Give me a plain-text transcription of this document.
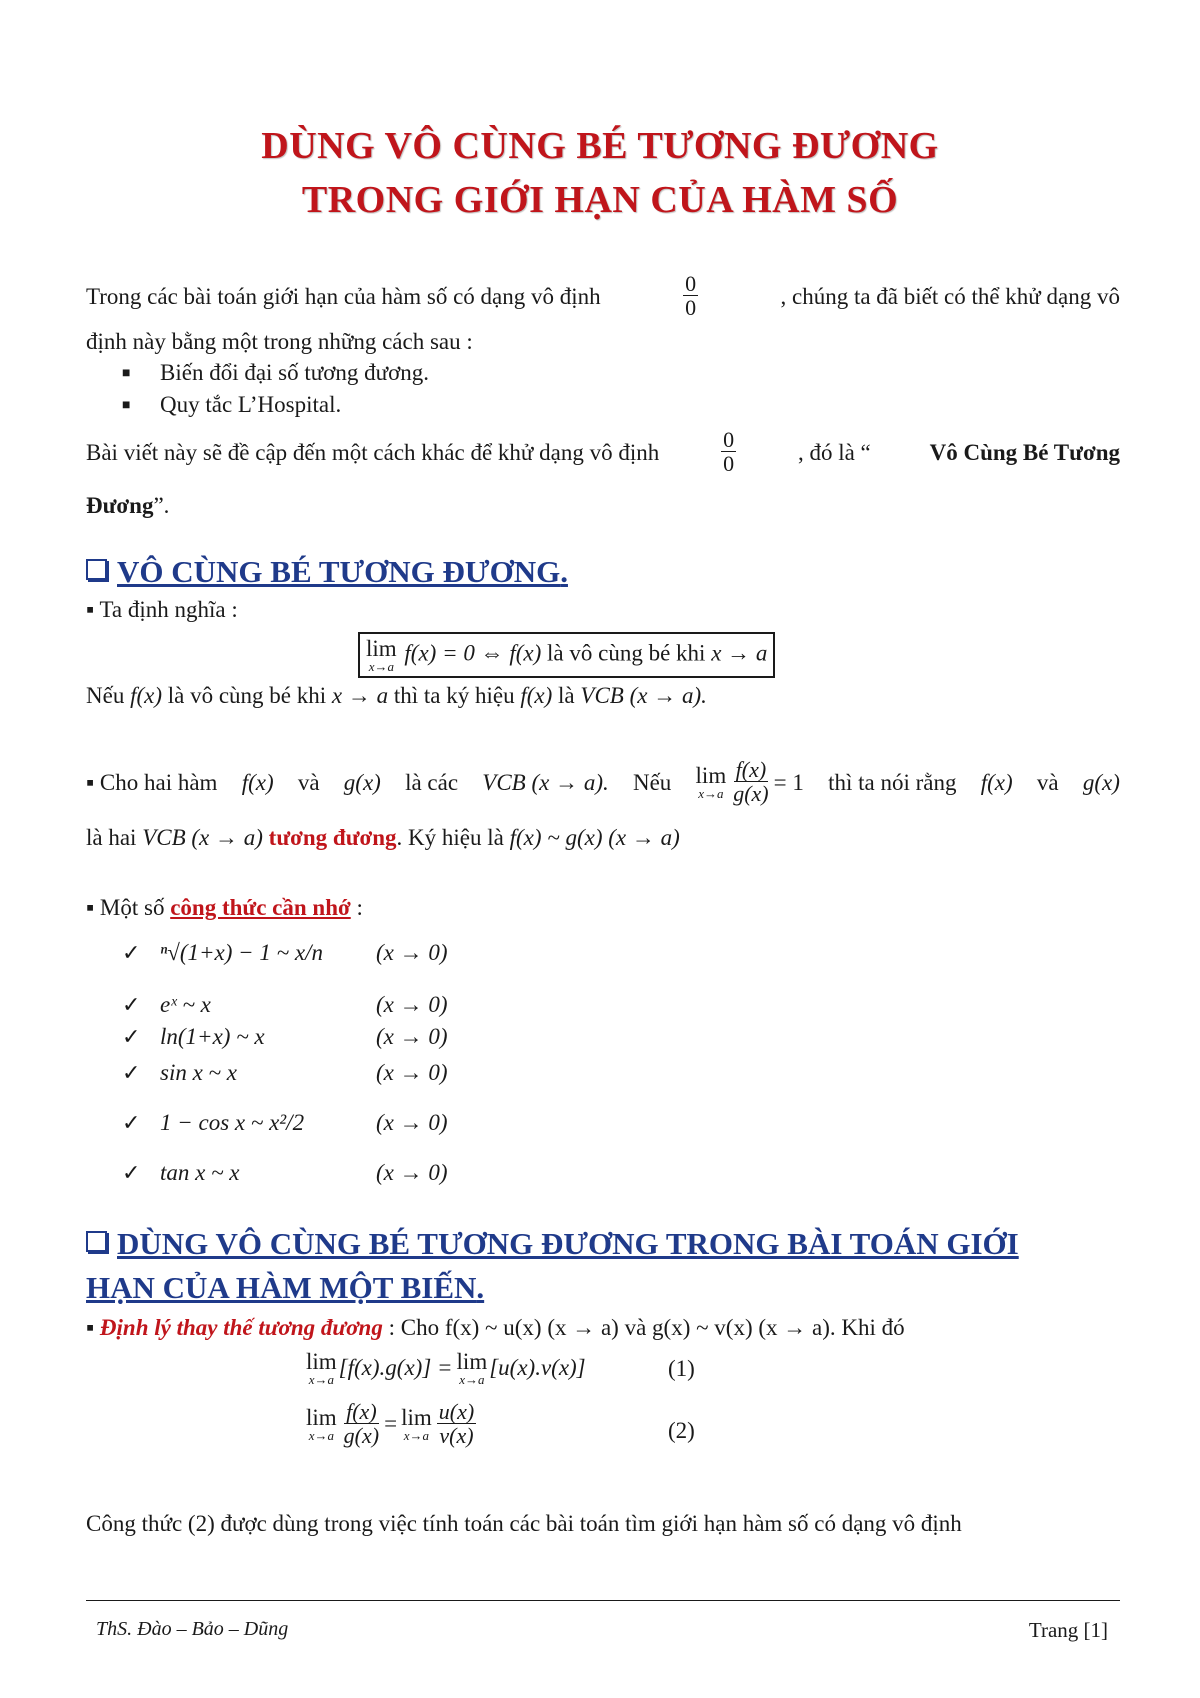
DÙNG VÔ CÙNG BÉ TƯƠNG ĐƯƠNG
TRONG GIỚI HẠN CỦA HÀM SỐ
Trong các bài toán giới hạn của hàm số có dạng vô định	$\frac{0}{0}$	, chúng ta đã biết có thể khử dạng vô
định này bằng một trong những cách sau :
■ Biến đổi đại số tương đương.
■ Quy tắc L’Hospital.
Bài viết này sẽ đề cập đến một cách khác để khử dạng vô định	$\frac{0}{0}$	, đó là “	Vô Cùng Bé Tương
Đương”.
VÔ CÙNG BÉ TƯƠNG ĐƯƠNG.
▪ Ta định nghĩa :
lim
x→a
f(x) = 0 ⇔ f(x) là vô cùng bé khi x → a
Nếu f(x) là vô cùng bé khi x → a thì ta ký hiệu f(x) là VCB (x → a).
▪ Cho hai hàm f(x) và g(x) là các VCB (x → a). Nếu lim
$x\to a \frac{f(x)}{g(x)} = 1$ thì ta nói rằng f(x) và g(x)
là hai VCB (x → a) tương đương. Ký hiệu là f(x) ~ g(x) (x → a)
▪ Một số công thức cần nhớ :
✓ ⁿ√(1+x) − 1 ~ x/n (x → 0)
✓ eˣ ~ x	(x → 0)
✓ ln(1+x) ~ x	(x → 0)
✓ sin x ~ x	(x → 0)
✓ 1 − cos x ~ x²/2	(x → 0)
✓ tan x ~ x	(x → 0)
DÙNG VÔ CÙNG BÉ TƯƠNG ĐƯƠNG TRONG BÀI TOÁN GIỚI
HẠN CỦA HÀM MỘT BIẾN.
▪ Định lý thay thế tương đương : Cho f(x) ~ u(x) (x → a) và g(x) ~ v(x) (x → a). Khi đó
lim
x→a [f(x).g(x)] = lim
x→a [u(x).v(x)]	(1)
lim
$x\to a \frac{f(x)}{g(x)} = \lim$
$x\to a \frac{u(x)}{v(x)}$	(2)
Công thức (2) được dùng trong việc tính toán các bài toán tìm giới hạn hàm số có dạng vô định
ThS. Đào – Bảo – Dũng	Trang [1]
